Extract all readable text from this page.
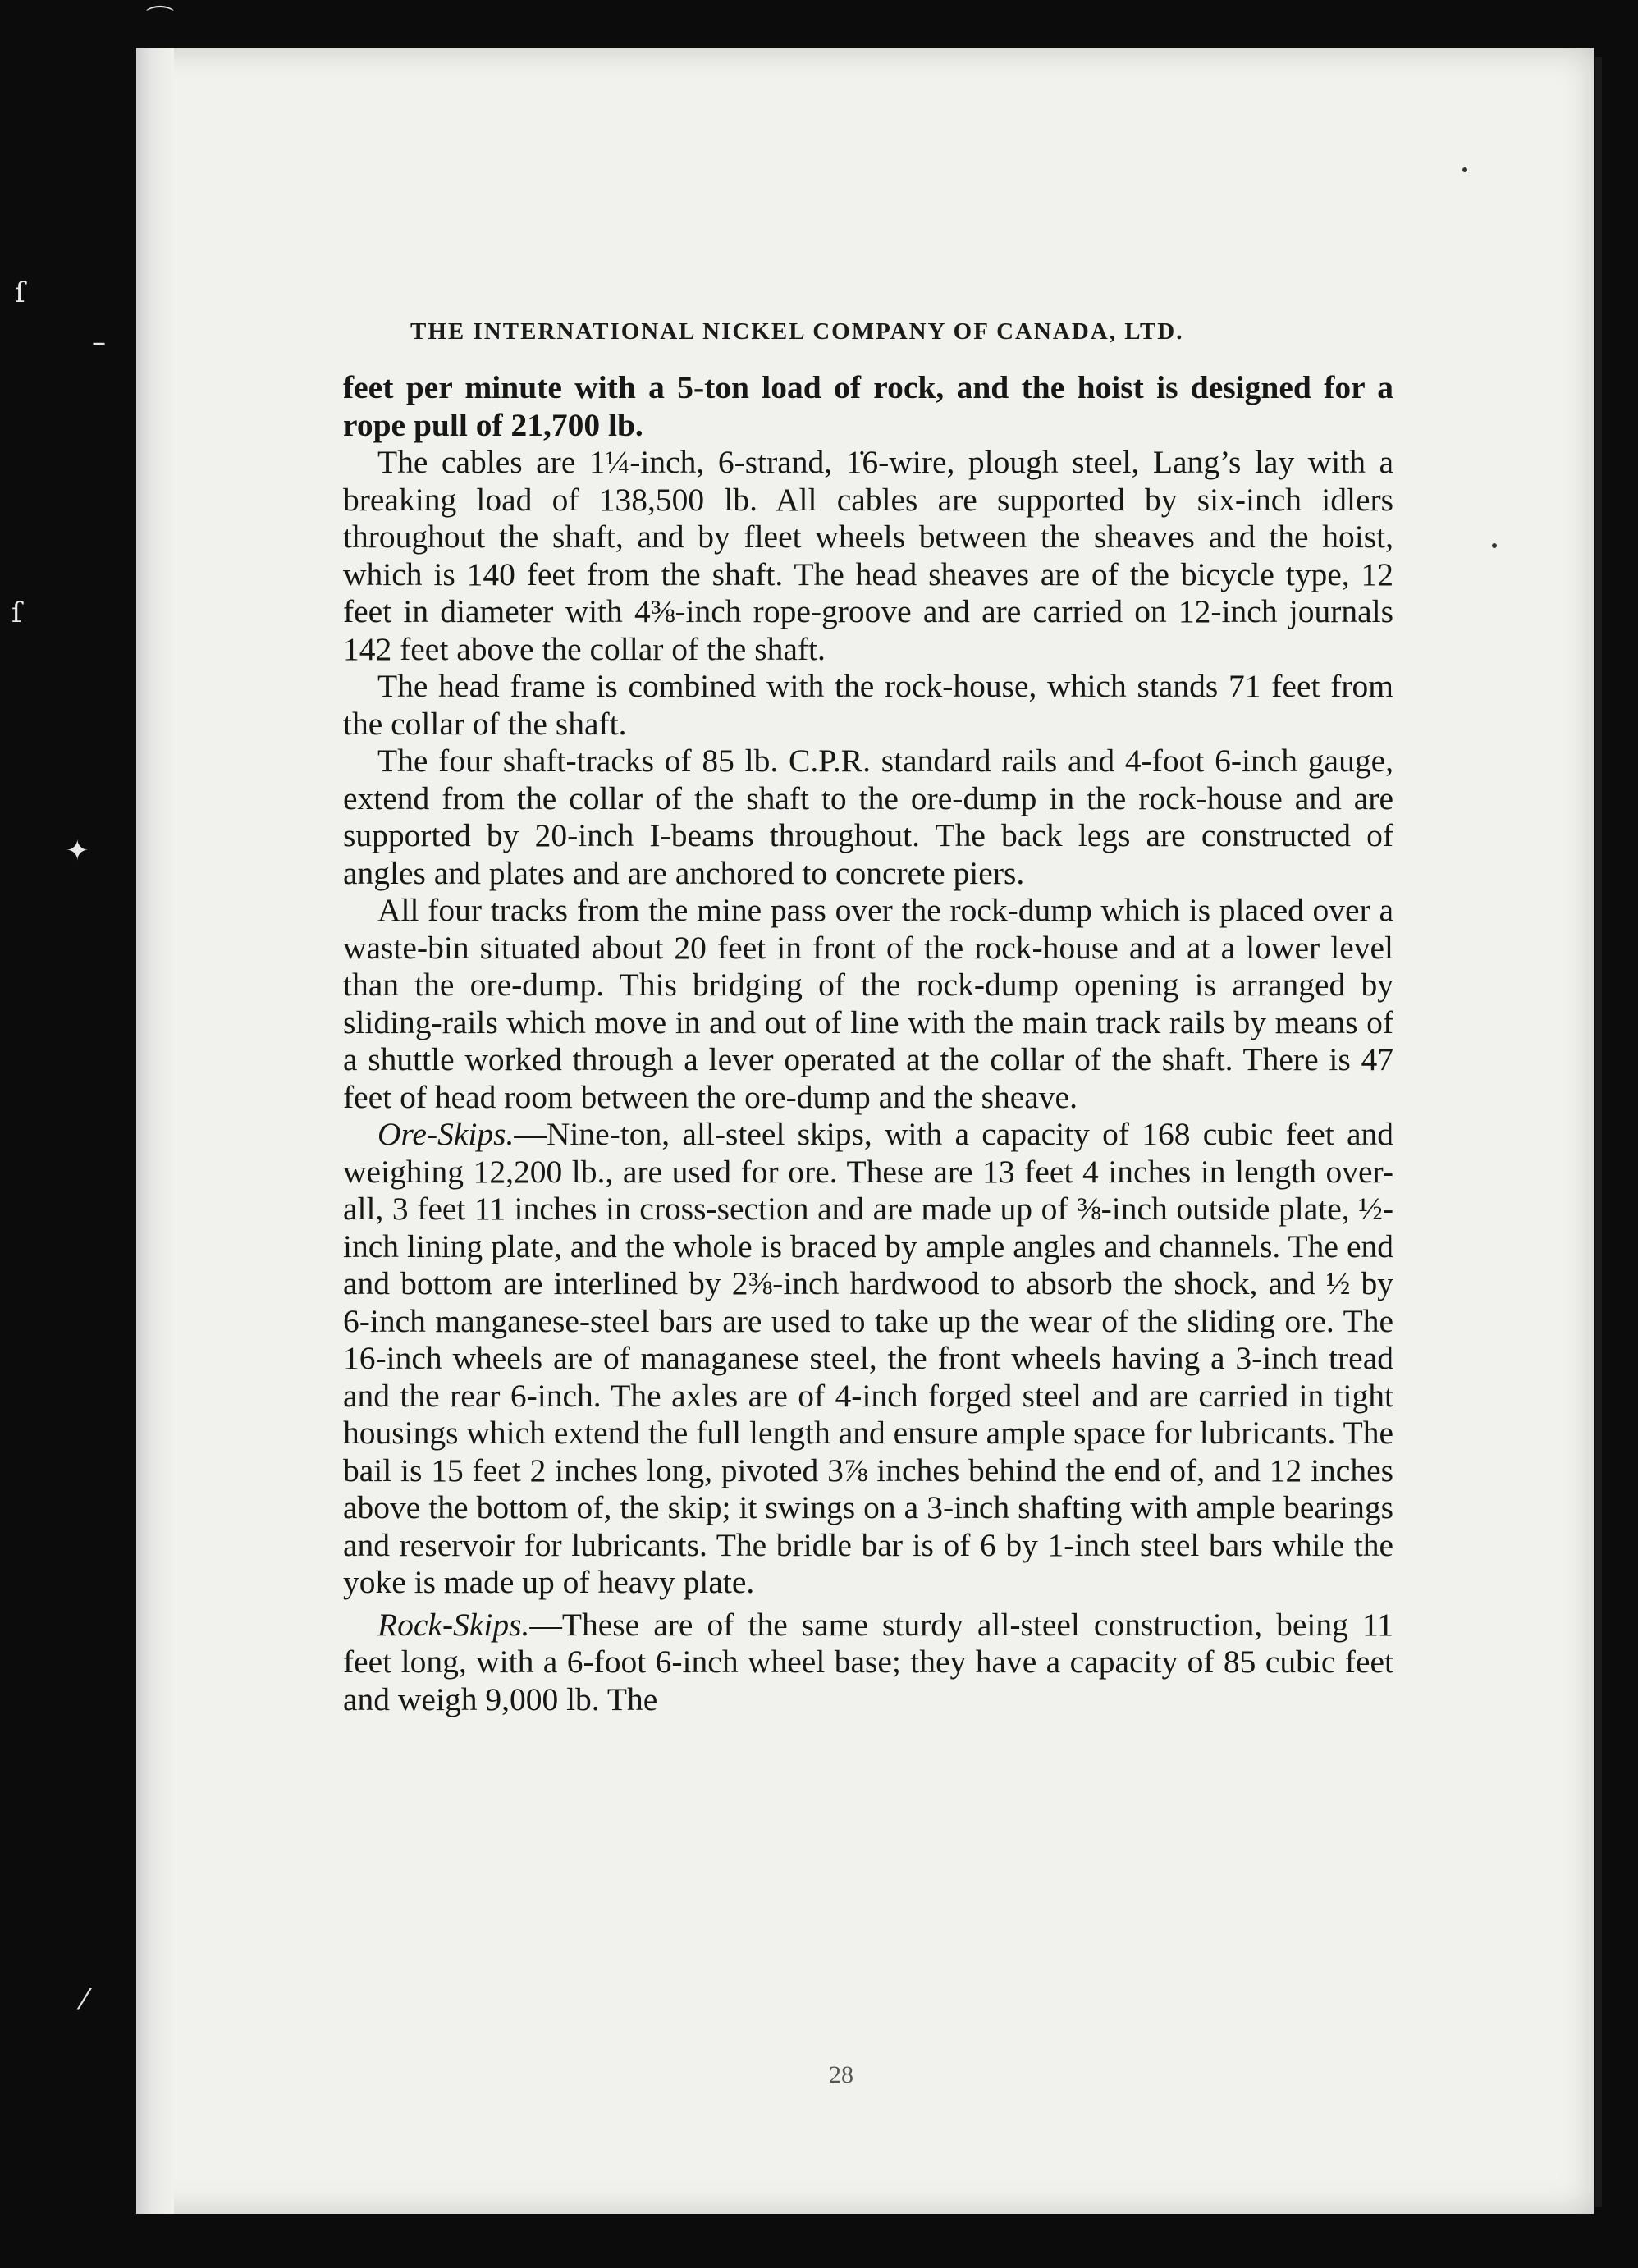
⌒
ſ
–
ſ
✦
⁄
THE INTERNATIONAL NICKEL COMPANY OF CANADA, LTD.

feet per minute with a 5-ton load of rock, and the hoist is designed for a rope pull of 21,700 lb.

The cables are 1¼-inch, 6-strand, 1̇6-wire, plough steel, Lang’s lay with a breaking load of 138,500 lb. All cables are supported by six-inch idlers throughout the shaft, and by fleet wheels between the sheaves and the hoist, which is 140 feet from the shaft. The head sheaves are of the bicycle type, 12 feet in diameter with 4⅜-inch rope-groove and are carried on 12-inch journals 142 feet above the collar of the shaft.

The head frame is combined with the rock-house, which stands 71 feet from the collar of the shaft.

The four shaft-tracks of 85 lb. C.P.R. standard rails and 4-foot 6-inch gauge, extend from the collar of the shaft to the ore-dump in the rock-house and are supported by 20-inch I-beams throughout. The back legs are constructed of angles and plates and are anchored to concrete piers.

All four tracks from the mine pass over the rock-dump which is placed over a waste-bin situated about 20 feet in front of the rock-house and at a lower level than the ore-dump. This bridging of the rock-dump opening is arranged by sliding-rails which move in and out of line with the main track rails by means of a shuttle worked through a lever operated at the collar of the shaft. There is 47 feet of head room between the ore-dump and the sheave.

Ore-Skips.—Nine-ton, all-steel skips, with a capacity of 168 cubic feet and weighing 12,200 lb., are used for ore. These are 13 feet 4 inches in length over-all, 3 feet 11 inches in cross-section and are made up of ⅜-inch outside plate, ½-inch lining plate, and the whole is braced by ample angles and channels. The end and bottom are interlined by 2⅜-inch hardwood to absorb the shock, and ½ by 6-inch manganese-steel bars are used to take up the wear of the sliding ore. The 16-inch wheels are of managanese steel, the front wheels having a 3-inch tread and the rear 6-inch. The axles are of 4-inch forged steel and are carried in tight housings which extend the full length and ensure ample space for lubricants. The bail is 15 feet 2 inches long, pivoted 3⅞ inches behind the end of, and 12 inches above the bottom of, the skip; it swings on a 3-inch shafting with ample bearings and reservoir for lubricants. The bridle bar is of 6 by 1-inch steel bars while the yoke is made up of heavy plate.

Rock-Skips.—These are of the same sturdy all-steel construction, being 11 feet long, with a 6-foot 6-inch wheel base; they have a capacity of 85 cubic feet and weigh 9,000 lb. The

28
